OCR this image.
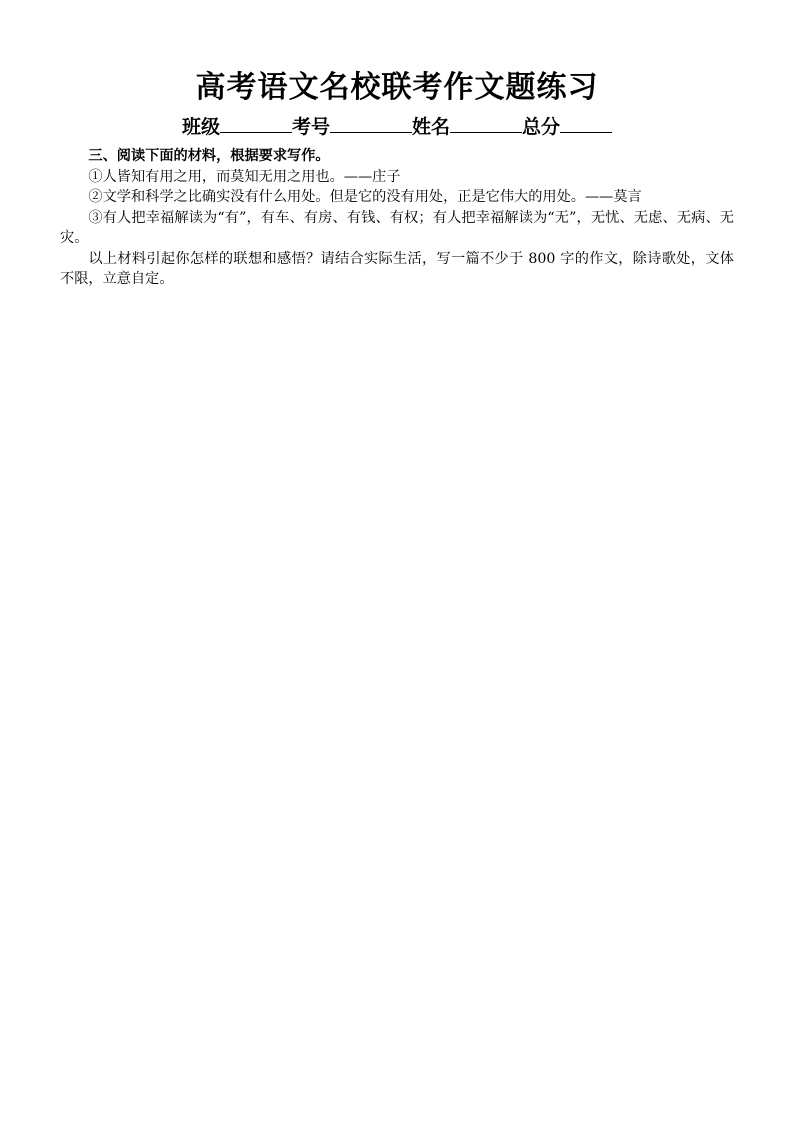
高考语文名校联考作文题练习
班级	考号	姓名	总分

三、阅读下面的材料，根据要求写作。

①人皆知有用之用，而莫知无用之用也。——庄子

②文学和科学之比确实没有什么用处。但是它的没有用处，正是它伟大的用处。——莫言

③有人把幸福解读为“有”，有车、有房、有钱、有权；有人把幸福解读为“无”，无忧、无虑、无病、无灾。

以上材料引起你怎样的联想和感悟？请结合实际生活，写一篇不少于 800 字的作文，除诗歌处，文体不限，立意自定。
